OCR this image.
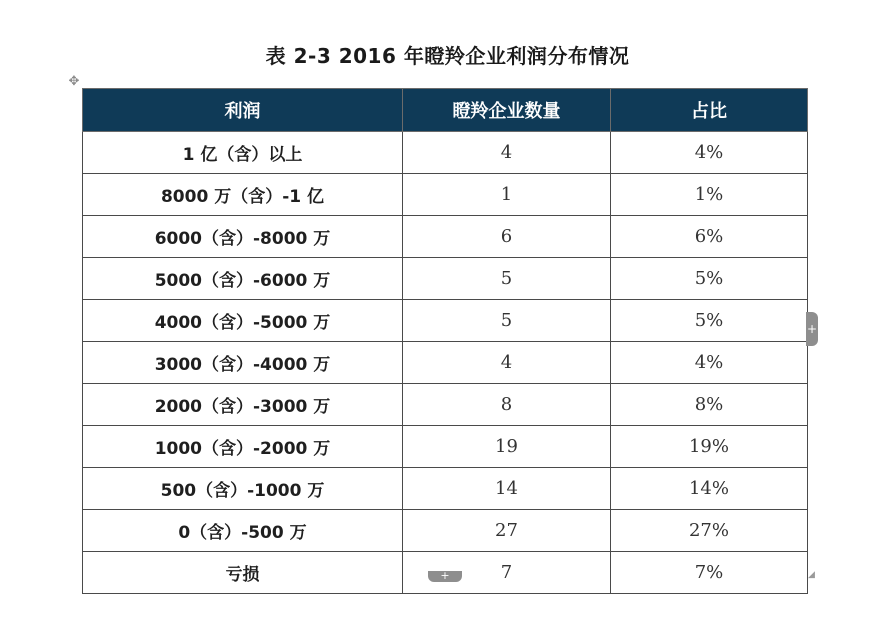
表 2-3 2016 年瞪羚企业利润分布情况
✥
利润	瞪羚企业数量	占比
1 亿（含）以上	4	4%
8000 万（含）-1 亿	1	1%
6000（含）-8000 万	6	6%
5000（含）-6000 万	5	5%
4000（含）-5000 万	5	5%
3000（含）-4000 万	4	4%
2000（含）-3000 万	8	8%
1000（含）-2000 万	19	19%
500（含）-1000 万	14	14%
0（含）-500 万	27	27%
亏损	7	7%
+
+	◢
